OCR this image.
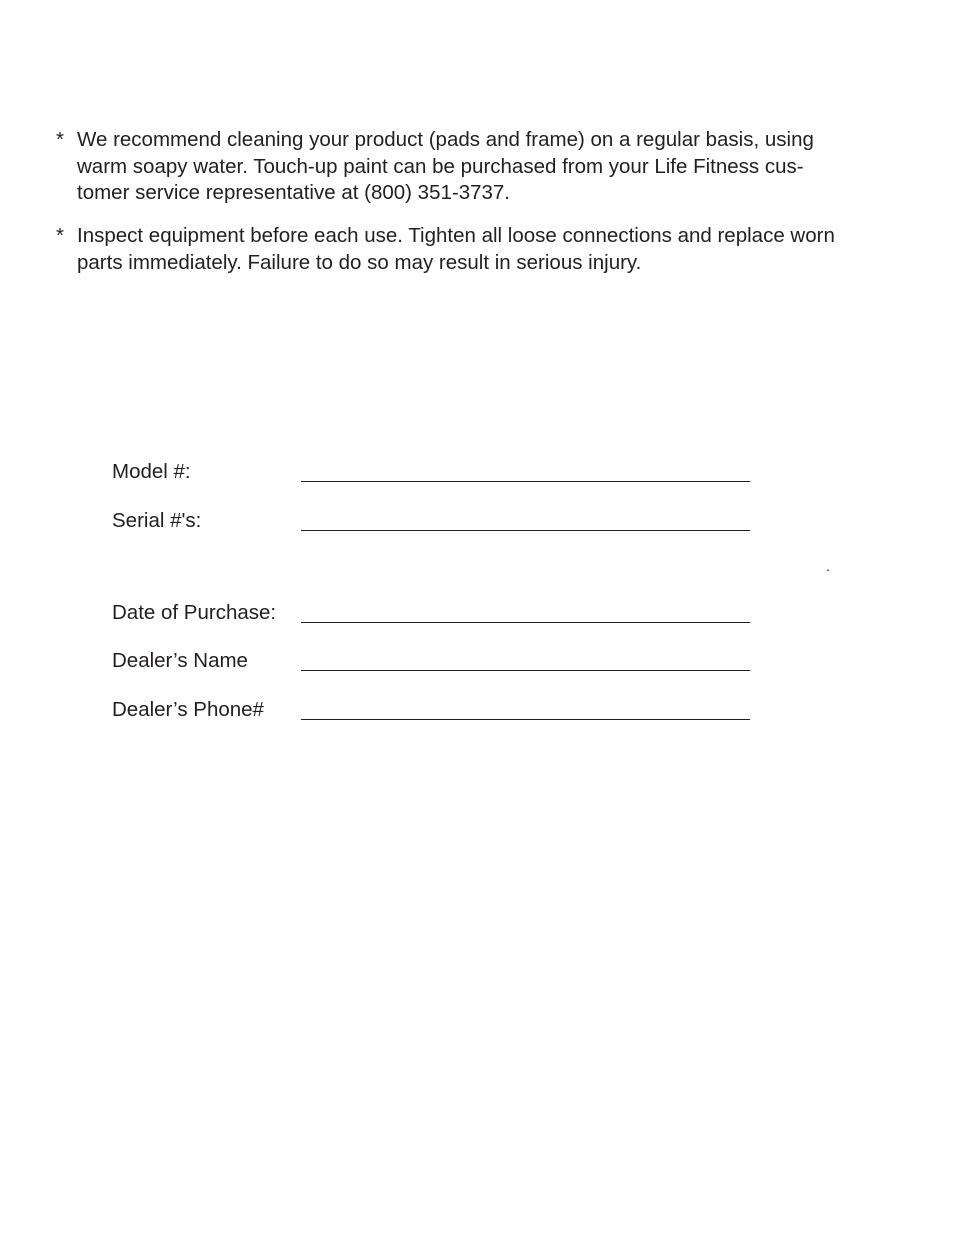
* We recommend cleaning your product (pads and frame) on a regular basis, using
warm soapy water. Touch-up paint can be purchased from your Life Fitness cus-
tomer service representative at (800) 351-3737.
* Inspect equipment before each use. Tighten all loose connections and replace worn
parts immediately. Failure to do so may result in serious injury.
Model #:
Serial #'s:
.
Date of Purchase:
Dealer’s Name
Dealer’s Phone#
